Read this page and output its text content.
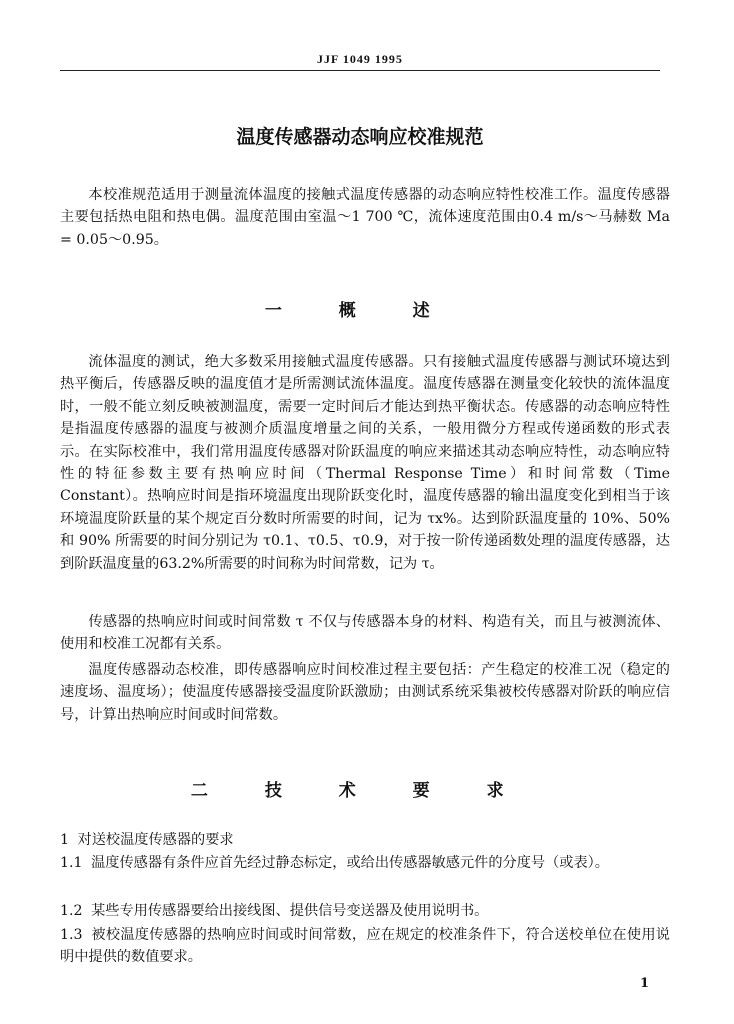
JJF 1049 1995
温度传感器动态响应校准规范

本校准规范适用于测量流体温度的接触式温度传感器的动态响应特性校准工作。温度传感器主要包括热电阻和热电偶。温度范围由室温～1 700 ℃，流体速度范围由0.4 m/s～马赫数 Ma = 0.05～0.95。

一 概 述

流体温度的测试，绝大多数采用接触式温度传感器。只有接触式温度传感器与测试环境达到热平衡后，传感器反映的温度值才是所需测试流体温度。温度传感器在测量变化较快的流体温度时，一般不能立刻反映被测温度，需要一定时间后才能达到热平衡状态。传感器的动态响应特性是指温度传感器的温度与被测介质温度增量之间的关系，一般用微分方程或传递函数的形式表示。在实际校准中，我们常用温度传感器对阶跃温度的响应来描述其动态响应特性，动态响应特性的特征参数主要有热响应时间（Thermal Response Time）和时间常数（Time Constant）。热响应时间是指环境温度出现阶跃变化时，温度传感器的输出温度变化到相当于该环境温度阶跃量的某个规定百分数时所需要的时间，记为 τx%。达到阶跃温度量的 10%、50% 和 90% 所需要的时间分别记为 τ0.1、τ0.5、τ0.9，对于按一阶传递函数处理的温度传感器，达到阶跃温度量的63.2%所需要的时间称为时间常数，记为 τ。

传感器的热响应时间或时间常数 τ 不仅与传感器本身的材料、构造有关，而且与被测流体、使用和校准工况都有关系。

温度传感器动态校准，即传感器响应时间校准过程主要包括：产生稳定的校准工况（稳定的速度场、温度场）；使温度传感器接受温度阶跃激励；由测试系统采集被校传感器对阶跃的响应信号，计算出热响应时间或时间常数。

二 技 术 要 求

1 对送校温度传感器的要求

1.1 温度传感器有条件应首先经过静态标定，或给出传感器敏感元件的分度号（或表）。

1.2 某些专用传感器要给出接线图、提供信号变送器及使用说明书。

1.3 被校温度传感器的热响应时间或时间常数，应在规定的校准条件下，符合送校单位在使用说明中提供的数值要求。

1
